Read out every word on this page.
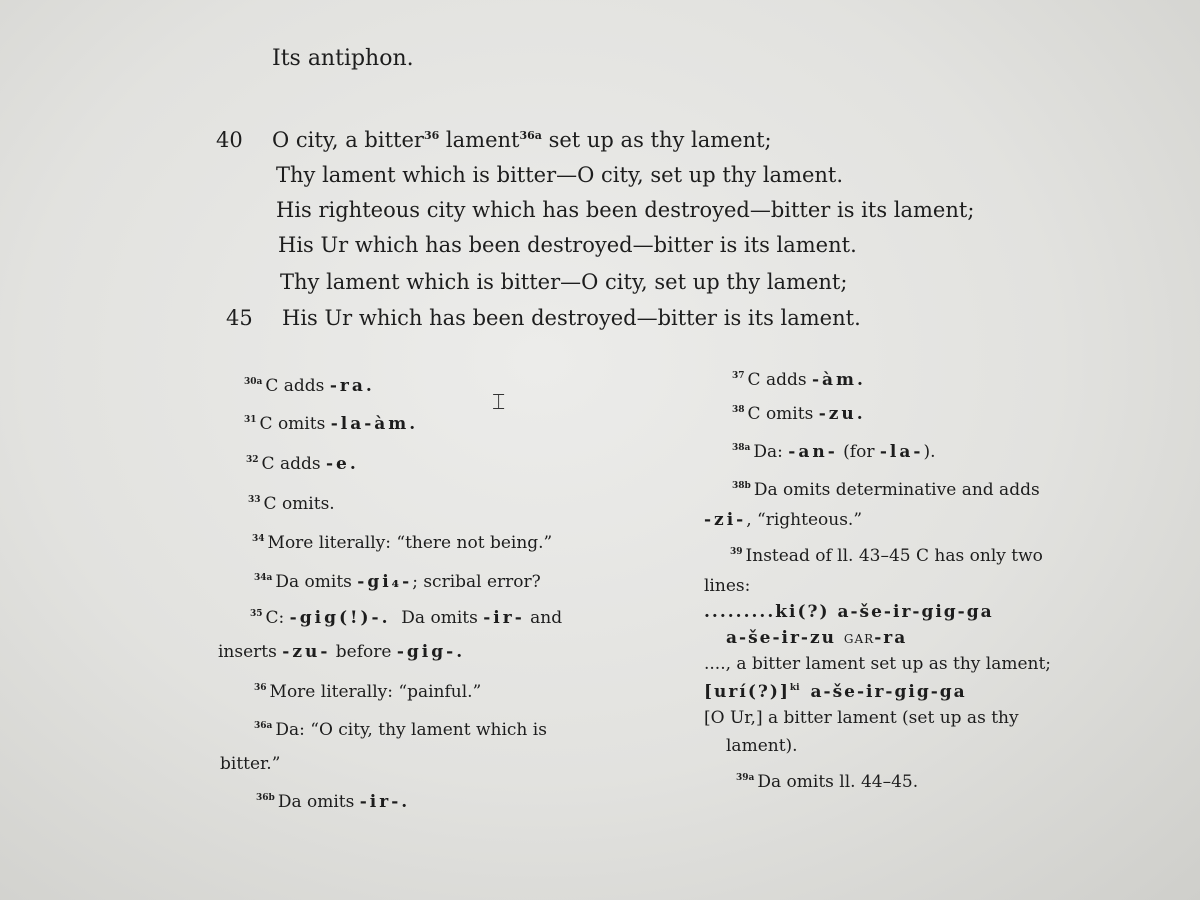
Its antiphon.
40 O city, a bitter$^{36}$ lament$^{36a}$ set up as thy lament;
Thy lament which is bitter—O city, set up thy lament.
His righteous city which has been destroyed—bitter is its lament;
His Ur which has been destroyed—bitter is its lament.
Thy lament which is bitter—O city, set up thy lament;
45 His Ur which has been destroyed—bitter is its lament.
$^{30a}$ C adds -ra.
$^{31}$ C omits -la-àm.
$^{32}$ C adds -e.
$^{33}$ C omits.
$^{34}$ More literally: “there not being.”
$^{34a}$ Da omits -gi₄-; scribal error?
$^{35}$ C: -gig(!)-.  Da omits -ir- and
inserts -zu- before -gig-.
$^{36}$ More literally: “painful.”
$^{36a}$ Da: “O city, thy lament which is
bitter.”
$^{36b}$ Da omits -ir-.
$^{37}$ C adds -àm.
$^{38}$ C omits -zu.
$^{38a}$ Da: -an- (for -la-).
$^{38b}$ Da omits determinative and adds
-zi-, “righteous.”
$^{39}$ Instead of ll. 43–45 C has only two
lines:
.........ki(?) a-še-ir-gig-ga
a-še-ir-zu GAR-ra
...., a bitter lament set up as thy lament;
[urí(?)]$^{ki}$ a-še-ir-gig-ga
[O Ur,] a bitter lament (set up as thy
lament).
$^{39a}$ Da omits ll. 44–45.
⌶
